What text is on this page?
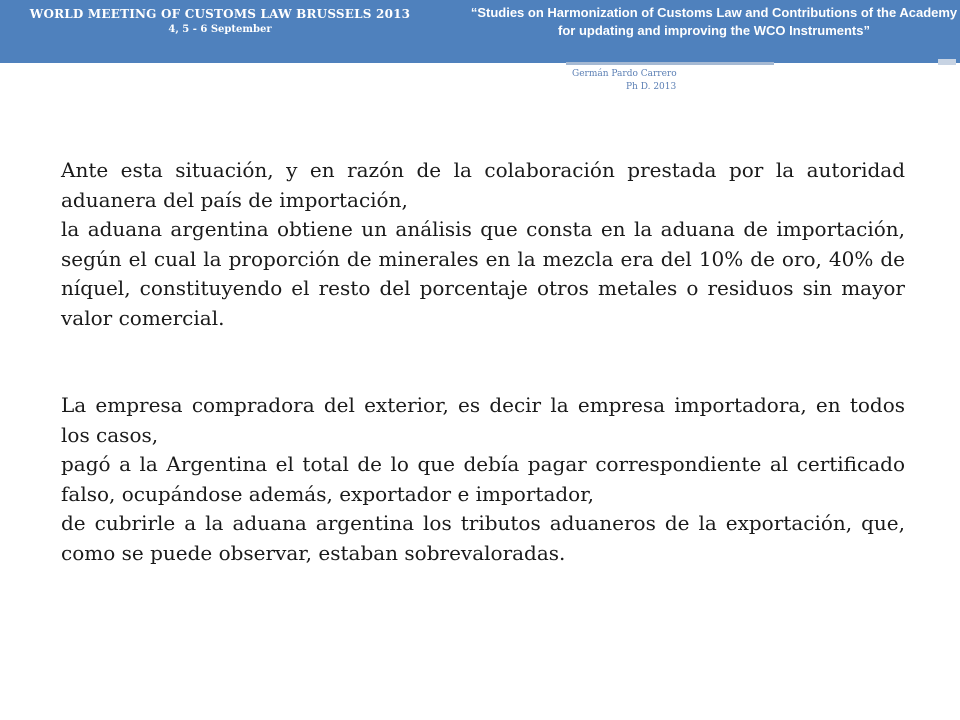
WORLD MEETING OF CUSTOMS LAW BRUSSELS 2013
4, 5 - 6 September
“Studies on Harmonization of Customs Law and Contributions of the Academy for updating and improving the WCO Instruments”
Germán Pardo Carrero
Ph D. 2013

Ante esta situación, y en razón de la colaboración prestada por la autoridad aduanera del país de importación,

la aduana argentina obtiene un análisis que consta en la aduana de importación, según el cual la proporción de minerales en la mezcla era del 10% de oro, 40% de níquel, constituyendo el resto del porcentaje otros metales o residuos sin mayor valor comercial.

La empresa compradora del exterior, es decir la empresa importadora, en todos los casos,

pagó a la Argentina el total de lo que debía pagar correspondiente al certificado falso, ocupándose además, exportador e importador,

de cubrirle a la aduana argentina los tributos aduaneros de la exportación, que, como se puede observar, estaban sobrevaloradas.
